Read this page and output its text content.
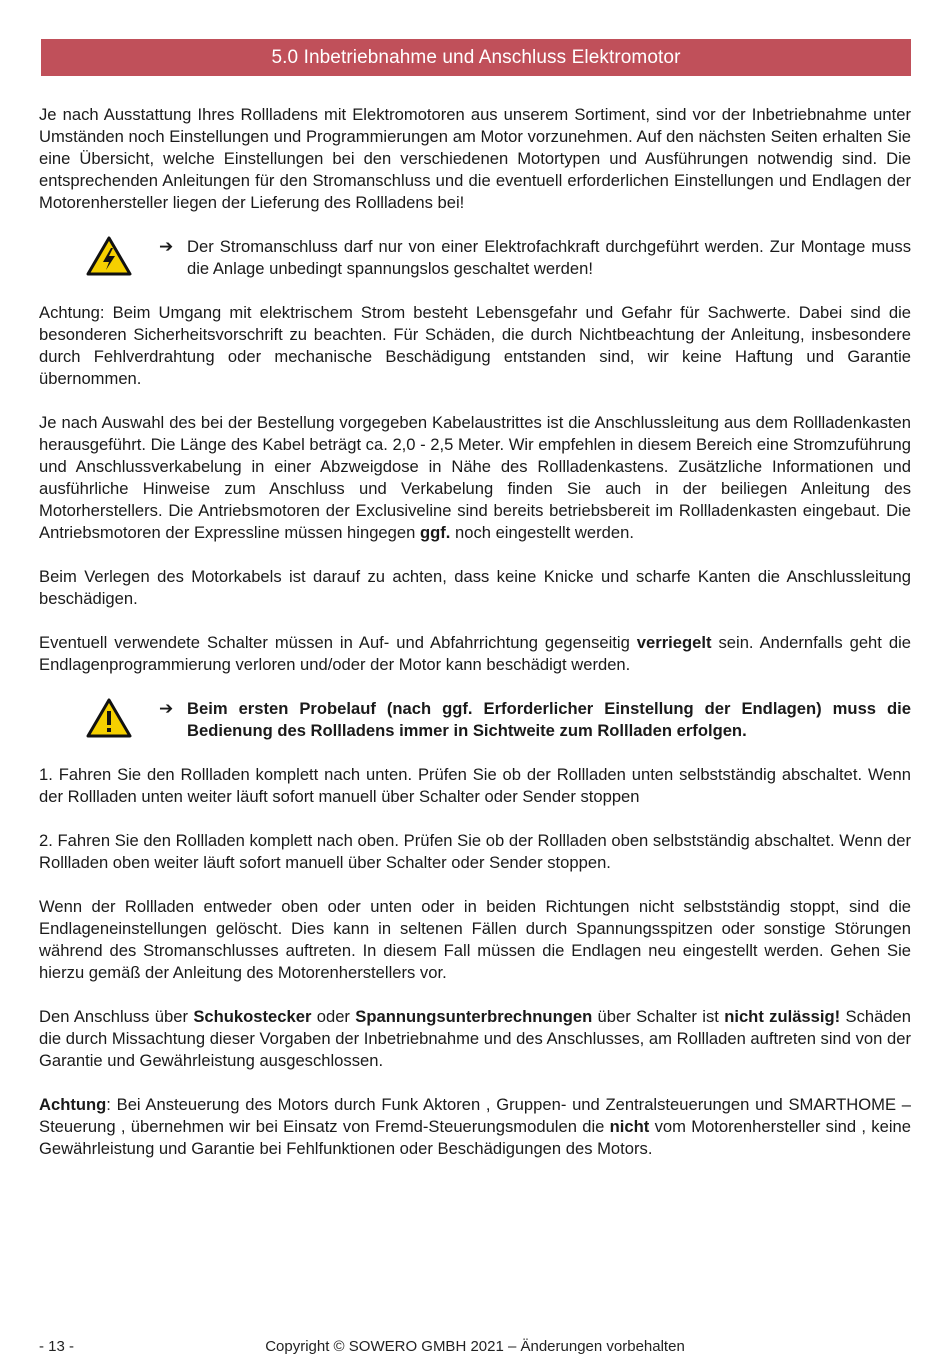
5.0 Inbetriebnahme und Anschluss Elektromotor

Je nach Ausstattung Ihres Rollladens mit Elektromotoren aus unserem Sortiment, sind vor der Inbetriebnahme unter Umständen noch Einstellungen und Programmierungen am Motor vorzunehmen. Auf den nächsten Seiten erhalten Sie eine Übersicht, welche Einstellungen bei den verschiedenen Motortypen und Ausführungen notwendig sind. Die entsprechenden Anleitungen für den Stromanschluss und die eventuell erforderlichen Einstellungen und Endlagen der Motorenhersteller liegen der Lieferung des Rollladens bei!

➔ Der Stromanschluss darf nur von einer Elektrofachkraft durchgeführt werden. Zur Montage muss die Anlage unbedingt spannungslos geschaltet werden!

Achtung: Beim Umgang mit elektrischem Strom besteht Lebensgefahr und Gefahr für Sachwerte. Dabei sind die besonderen Sicherheitsvorschrift zu beachten. Für Schäden, die durch Nichtbeachtung der Anleitung, insbesondere durch Fehlverdrahtung oder mechanische Beschädigung entstanden sind, wir keine Haftung und Garantie übernommen.

Je nach Auswahl des bei der Bestellung vorgegeben Kabelaustrittes ist die Anschlussleitung aus dem Rollladenkasten herausgeführt. Die Länge des Kabel beträgt ca. 2,0 - 2,5 Meter. Wir empfehlen in diesem Bereich eine Stromzuführung und Anschlussverkabelung in einer Abzweigdose in Nähe des Rollladenkastens. Zusätzliche Informationen und ausführliche Hinweise zum Anschluss und Verkabelung finden Sie auch in der beiliegen Anleitung des Motorherstellers. Die Antriebsmotoren der Exclusiveline sind bereits betriebsbereit im Rollladenkasten eingebaut. Die Antriebsmotoren der Expressline müssen hingegen ggf. noch eingestellt werden.

Beim Verlegen des Motorkabels ist darauf zu achten, dass keine Knicke und scharfe Kanten die Anschlussleitung beschädigen.

Eventuell verwendete Schalter müssen in Auf- und Abfahrrichtung gegenseitig verriegelt sein. Andernfalls geht die Endlagenprogrammierung verloren und/oder der Motor kann beschädigt werden.

➔ Beim ersten Probelauf (nach ggf. Erforderlicher Einstellung der Endlagen) muss die Bedienung des Rollladens immer in Sichtweite zum Rollladen erfolgen.

1. Fahren Sie den Rollladen komplett nach unten. Prüfen Sie ob der Rollladen unten selbstständig abschaltet. Wenn der Rollladen unten weiter läuft sofort manuell über Schalter oder Sender stoppen

2. Fahren Sie den Rollladen komplett nach oben. Prüfen Sie ob der Rollladen oben selbstständig abschaltet. Wenn der Rollladen oben weiter läuft sofort manuell über Schalter oder Sender stoppen.

Wenn der Rollladen entweder oben oder unten oder in beiden Richtungen nicht selbstständig stoppt, sind die Endlageneinstellungen gelöscht. Dies kann in seltenen Fällen durch Spannungsspitzen oder sonstige Störungen während des Stromanschlusses auftreten. In diesem Fall müssen die Endlagen neu eingestellt werden. Gehen Sie hierzu gemäß der Anleitung des Motorenherstellers vor.

Den Anschluss über Schukostecker oder Spannungsunterbrechnungen über Schalter ist nicht zulässig! Schäden die durch Missachtung dieser Vorgaben der Inbetriebnahme und des Anschlusses, am Rollladen auftreten sind von der Garantie und Gewährleistung ausgeschlossen.

Achtung: Bei Ansteuerung des Motors durch Funk Aktoren , Gruppen- und Zentralsteuerungen und SMARTHOME – Steuerung , übernehmen wir bei Einsatz von Fremd-Steuerungsmodulen die nicht vom Motorenhersteller sind , keine Gewährleistung und Garantie bei Fehlfunktionen oder Beschädigungen des Motors.

- 13 -	Copyright © SOWERO GMBH 2021 – Änderungen vorbehalten
